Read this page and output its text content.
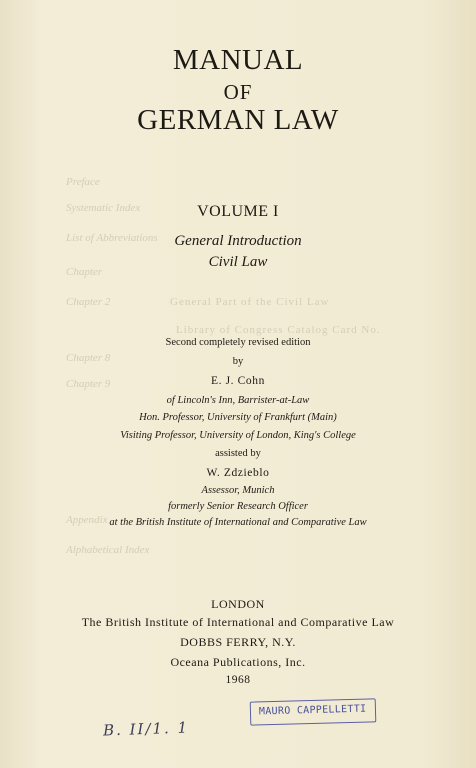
Preface
Systematic Index
List of Abbreviations
Chapter
Chapter 2	General Part of the Civil Law
Library of Congress Catalog Card No.
Chapter 8
Chapter 9
Appendix
Alphabetical Index
MANUAL
OF
GERMAN LAW
VOLUME I
General Introduction
Civil Law
Second completely revised edition
by
E. J. Cohn
of Lincoln's Inn, Barrister-at-Law
Hon. Professor, University of Frankfurt (Main)
Visiting Professor, University of London, King's College
assisted by
W. Zdzieblo
Assessor, Munich
formerly Senior Research Officer
at the British Institute of International and Comparative Law
LONDON
The British Institute of International and Comparative Law
DOBBS FERRY, N.Y.
Oceana Publications, Inc.
1968
MAURO CAPPELLETTI
B. II/1. 1
